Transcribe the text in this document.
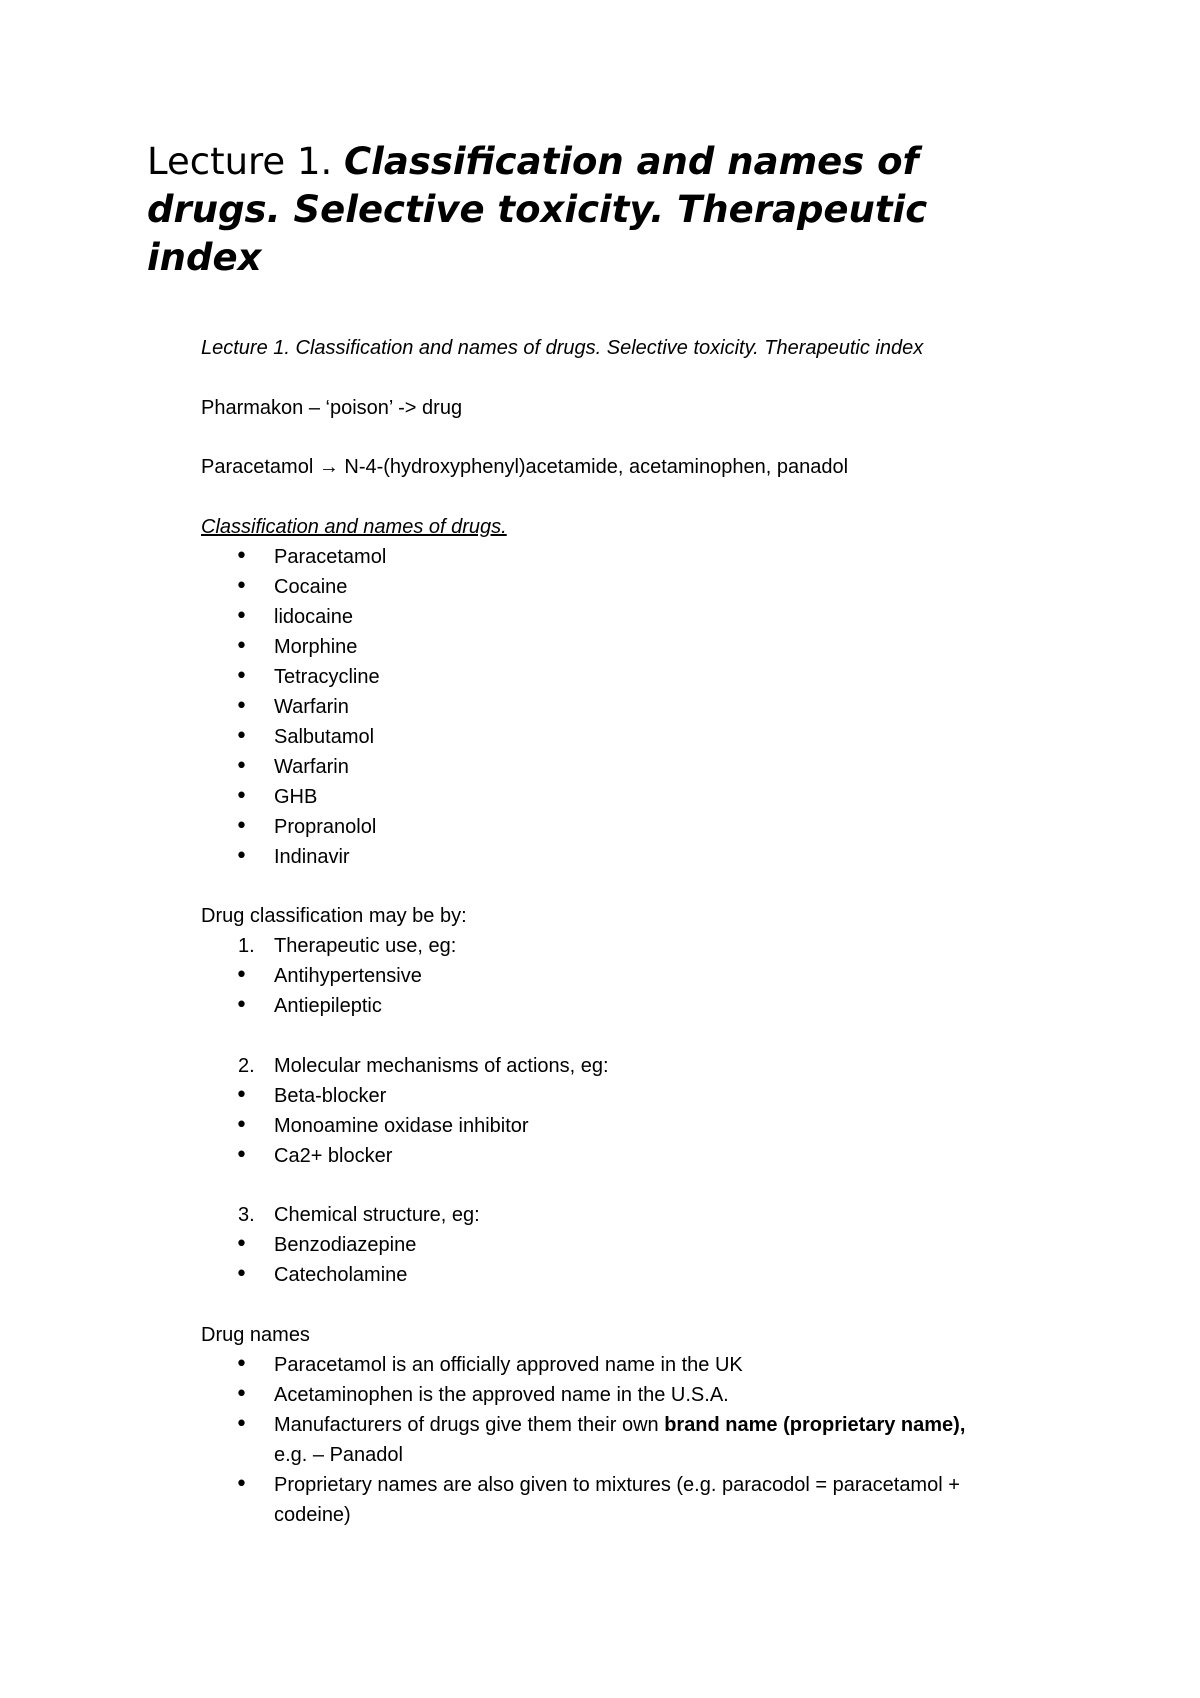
Lecture 1. Classification and names of drugs. Selective toxicity. Therapeutic index
Lecture 1. Classification and names of drugs. Selective toxicity. Therapeutic index
Pharmakon – ‘poison’ -> drug
Paracetamol → N-4-(hydroxyphenyl)acetamide, acetaminophen, panadol
Classification and names of drugs.
• Paracetamol
• Cocaine
• lidocaine
• Morphine
• Tetracycline
• Warfarin
• Salbutamol
• Warfarin
• GHB
• Propranolol
• Indinavir
Drug classification may be by:
1. Therapeutic use, eg:
• Antihypertensive
• Antiepileptic
2. Molecular mechanisms of actions, eg:
• Beta-blocker
• Monoamine oxidase inhibitor
• Ca2+ blocker
3. Chemical structure, eg:
• Benzodiazepine
• Catecholamine
Drug names
• Paracetamol is an officially approved name in the UK
• Acetaminophen is the approved name in the U.S.A.
• Manufacturers of drugs give them their own brand name (proprietary name),
e.g. – Panadol
• Proprietary names are also given to mixtures (e.g. paracodol = paracetamol +
codeine)
